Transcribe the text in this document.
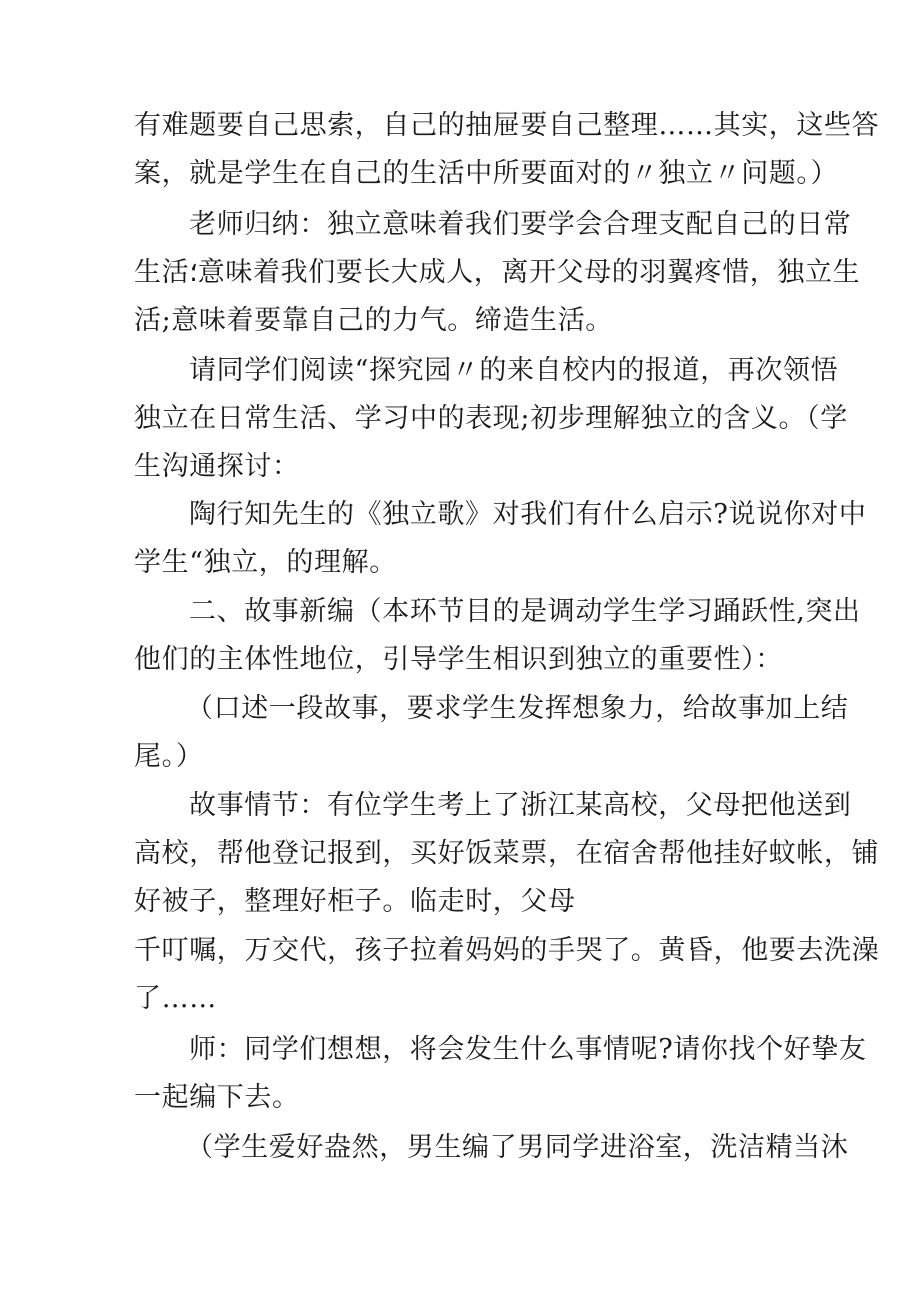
有难题要自己思索，自己的抽屉要自己整理……其实，这些答
案，就是学生在自己的生活中所要面对的〃独立〃问题。）
老师归纳：独立意味着我们要学会合理支配自己的日常
生活؛意味着我们要长大成人，离开父母的羽翼疼惜，独立生
活;意味着要靠自己的力气。缔造生活。
请同学们阅读“探究园〃的来自校内的报道，再次领悟
独立在日常生活、学习中的表现;初步理解独立的含义。（学
生沟通探讨：
陶行知先生的《独立歌》对我们有什么启示?说说你对中
学生“独立，的理解。
二、故事新编（本环节目的是调动学生学习踊跃性,突出
他们的主体性地位，引导学生相识到独立的重要性）：
（口述一段故事，要求学生发挥想象力，给故事加上结
尾。）
故事情节：有位学生考上了浙江某高校，父母把他送到
高校，帮他登记报到，买好饭菜票，在宿舍帮他挂好蚊帐，铺
好被子，整理好柜子。临走时，父母
千叮嘱，万交代，孩子拉着妈妈的手哭了。黄昏，他要去洗澡
了……
师：同学们想想，将会发生什么事情呢?请你找个好挚友
一起编下去。
（学生爱好盎然，男生编了男同学进浴室，洗洁精当沐
